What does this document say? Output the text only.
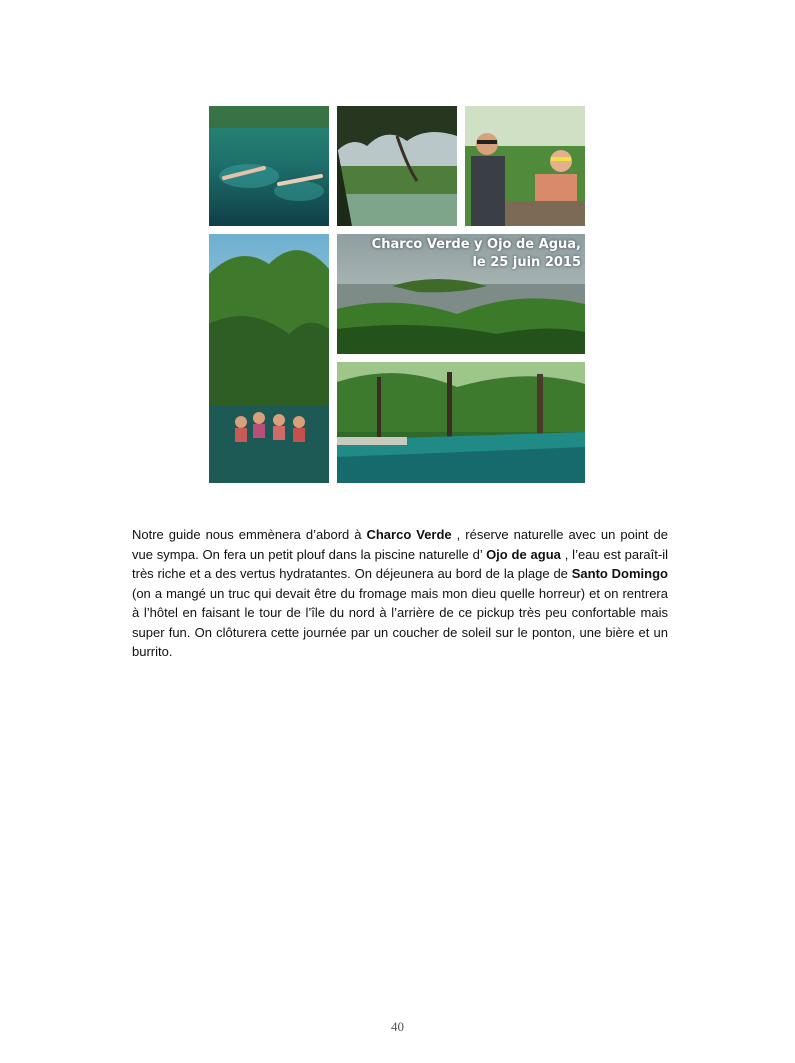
Charco Verde y Ojo de Agua,
le 25 juin 2015
Notre guide nous emmènera d’abord à Charco Verde , réserve naturelle avec un point de vue sympa. On fera un petit plouf dans la piscine naturelle d’ Ojo de agua , l’eau est paraît-il très riche et a des vertus hydratantes. On déjeunera au bord de la plage de Santo Domingo (on a mangé un truc qui devait être du fromage mais mon dieu quelle horreur) et on rentrera à l’hôtel en faisant le tour de l’île du nord à l’arrière de ce pickup très peu confortable mais super fun. On clôturera cette journée par un coucher de soleil sur le ponton, une bière et un burrito.
40
